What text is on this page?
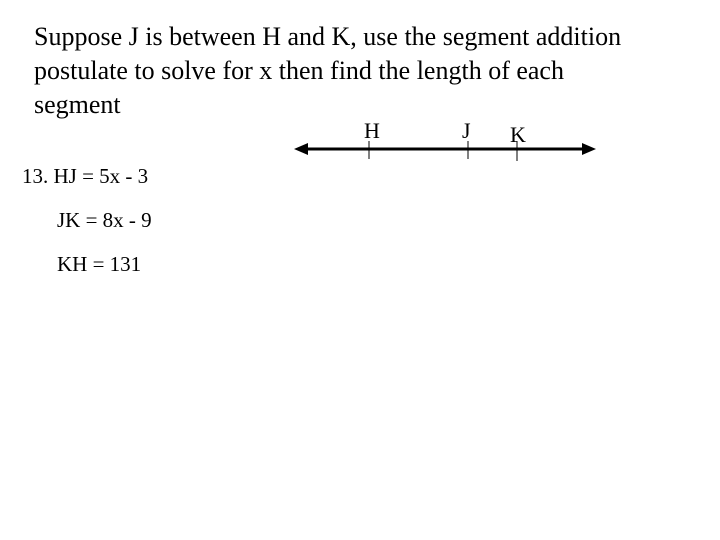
Suppose J is between H and K, use the segment addition
postulate to solve for x then find the length of each
segment
H	J K
13. HJ = 5x - 3
JK = 8x - 9
KH = 131
